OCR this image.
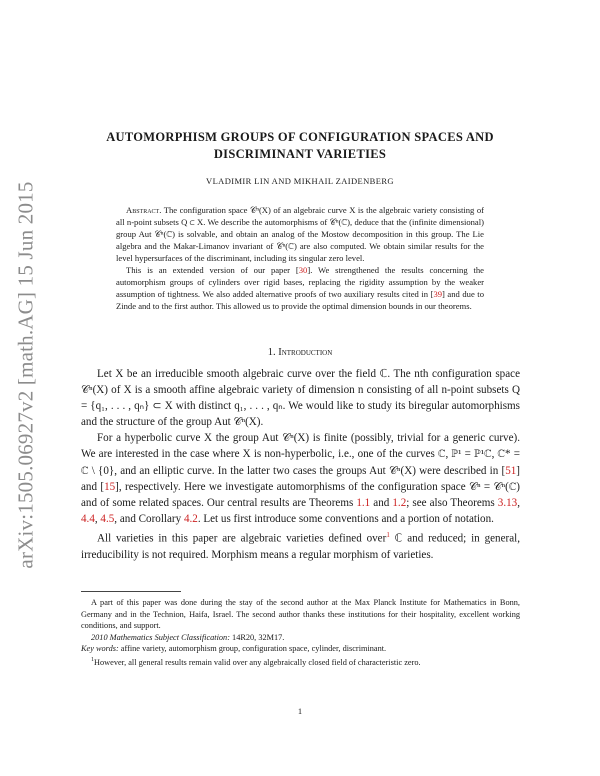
arXiv:1505.06927v2 [math.AG] 15 Jun 2015
AUTOMORPHISM GROUPS OF CONFIGURATION SPACES AND
DISCRIMINANT VARIETIES
VLADIMIR LIN AND MIKHAIL ZAIDENBERG

Abstract. The configuration space 𝒞ⁿ(X) of an algebraic curve X is the algebraic variety consisting of all n-point subsets Q ⊂ X. We describe the automorphisms of 𝒞ⁿ(ℂ), deduce that the (infinite dimensional) group Aut 𝒞ⁿ(ℂ) is solvable, and obtain an analog of the Mostow decomposition in this group. The Lie algebra and the Makar-Limanov invariant of 𝒞ⁿ(ℂ) are also computed. We obtain similar results for the level hypersurfaces of the discriminant, including its singular zero level.

This is an extended version of our paper [30]. We strengthened the results concerning the automorphism groups of cylinders over rigid bases, replacing the rigidity assumption by the weaker assumption of tightness. We also added alternative proofs of two auxiliary results cited in [39] and due to Zinde and to the first author. This allowed us to provide the optimal dimension bounds in our theorems.

1. Introduction

Let X be an irreducible smooth algebraic curve over the field ℂ. The nth configuration space 𝒞ⁿ(X) of X is a smooth affine algebraic variety of dimension n consisting of all n-point subsets Q = {q₁, . . . , qₙ} ⊂ X with distinct q₁, . . . , qₙ. We would like to study its biregular automorphisms and the structure of the group Aut 𝒞ⁿ(X).

For a hyperbolic curve X the group Aut 𝒞ⁿ(X) is finite (possibly, trivial for a generic curve). We are interested in the case where X is non-hyperbolic, i.e., one of the curves ℂ, ℙ¹ = ℙ¹ℂ, ℂ* = ℂ \ {0}, and an elliptic curve. In the latter two cases the groups Aut 𝒞ⁿ(X) were described in [51] and [15], respectively. Here we investigate automorphisms of the configuration space 𝒞ⁿ = 𝒞ⁿ(ℂ) and of some related spaces. Our central results are Theorems 1.1 and 1.2; see also Theorems 3.13, 4.4, 4.5, and Corollary 4.2. Let us first introduce some conventions and a portion of notation.

All varieties in this paper are algebraic varieties defined over$^1$ ℂ and reduced; in general, irreducibility is not required. Morphism means a regular morphism of varieties.

A part of this paper was done during the stay of the second author at the Max Planck Institute for Mathematics in Bonn, Germany and in the Technion, Haifa, Israel. The second author thanks these institutions for their hospitality, excellent working conditions, and support.

2010 Mathematics Subject Classification: 14R20, 32M17.

Key words: affine variety, automorphism group, configuration space, cylinder, discriminant.

$^1$However, all general results remain valid over any algebraically closed field of characteristic zero.

1
